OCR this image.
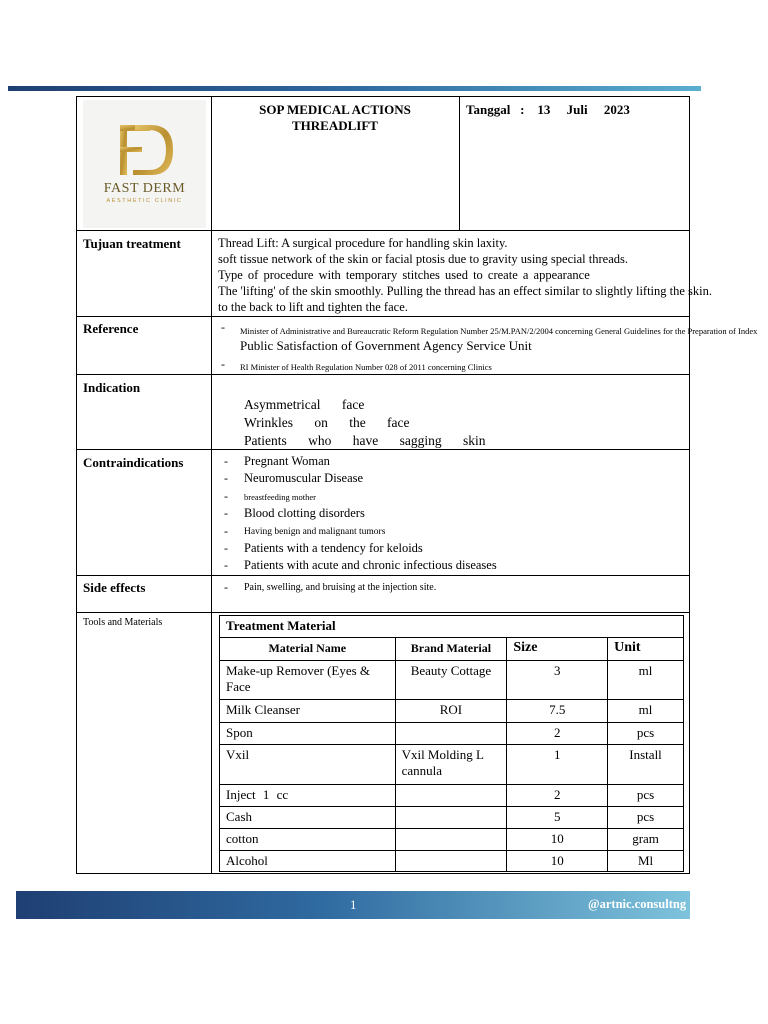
FAST DERM
AESTHETIC CLINIC
SOP MEDICAL ACTIONS
THREADLIFT
Tanggal : 13 Juli 2023
Tujuan treatment	Thread Lift: A surgical procedure for handling skin laxity.
soft tissue network of the skin or facial ptosis due to gravity using special threads.
Type of procedure with temporary stitches used to create a appearance
The 'lifting' of the skin smoothly. Pulling the thread has an effect similar to slightly lifting the skin.
to the back to lift and tighten the face.
Reference	- Minister of Administrative and Bureaucratic Reform Regulation Number 25/M.PAN/2/2004 concerning General Guidelines for the Preparation of Index
Public Satisfaction of Government Agency Service Unit
- RI Minister of Health Regulation Number 028 of 2011 concerning Clinics
Indication
Asymmetrical face
Wrinkles on the face
Patients who have sagging skin
Contraindications	- Pregnant Woman
- Neuromuscular Disease
- breastfeeding mother
- Blood clotting disorders
- Having benign and malignant tumors
- Patients with a tendency for keloids
- Patients with acute and chronic infectious diseases
Side effects	- Pain, swelling, and bruising at the injection site.
Tools and Materials	Treatment Material			
Material Name	Brand Material	Size	Unit
Make-up Remover (Eyes & Face	Beauty Cottage	3	ml
Milk Cleanser	ROI	7.5	ml
Spon		2	pcs
Vxil	Vxil Molding L cannula	1	Install
Inject 1 cc		2	pcs
Cash		5	pcs
cotton		10	gram
Alcohol		10	Ml
1	@artnic.consultng
